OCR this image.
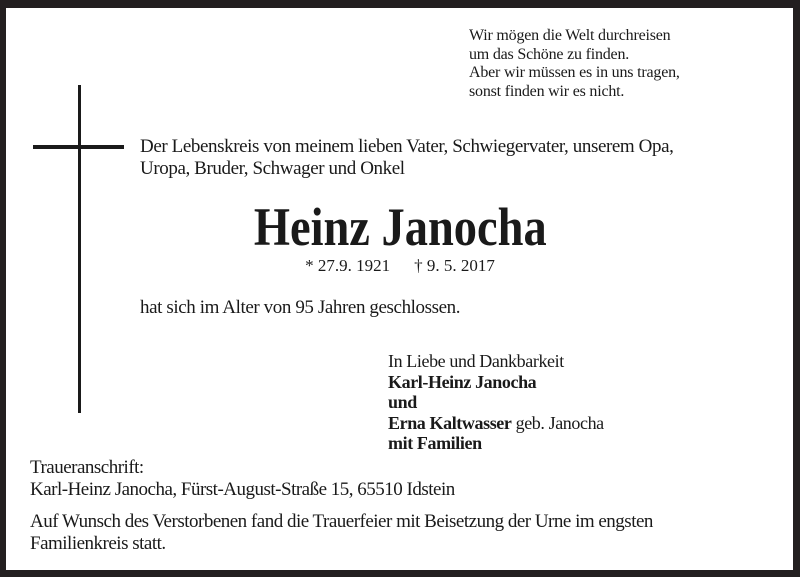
Wir mögen die Welt durchreisen
um das Schöne zu finden.
Aber wir müssen es in uns tragen,
sonst finden wir es nicht.
Der Lebenskreis von meinem lieben Vater, Schwiegervater, unserem Opa,
Uropa, Bruder, Schwager und Onkel
Heinz Janocha
* 27.9. 1921 † 9. 5. 2017
hat sich im Alter von 95 Jahren geschlossen.
In Liebe und Dankbarkeit
Karl-Heinz Janocha
und
Erna Kaltwasser geb. Janocha
mit Familien
Traueranschrift:
Karl-Heinz Janocha, Fürst-August-Straße 15, 65510 Idstein
Auf Wunsch des Verstorbenen fand die Trauerfeier mit Beisetzung der Urne im engsten
Familienkreis statt.
